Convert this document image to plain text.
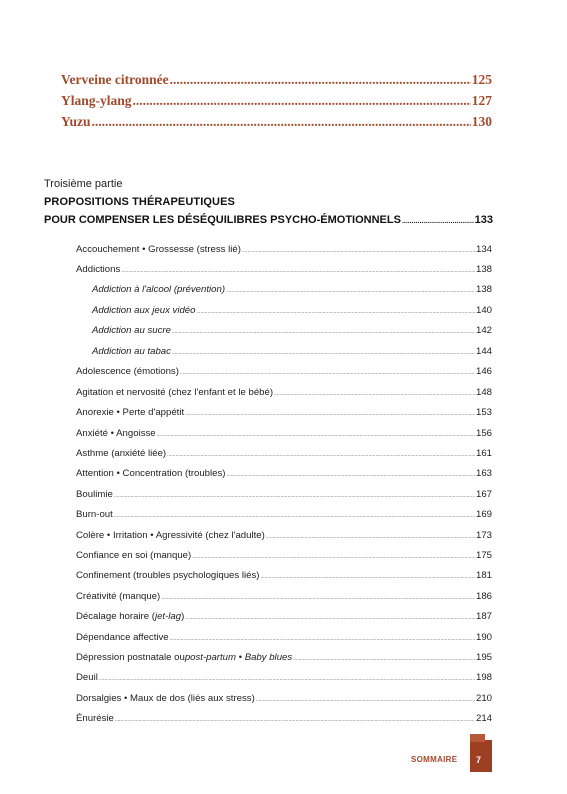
Verveine citronnée .....	125
Ylang-ylang .....	127
Yuzu .....	130
Troisième partie
PROPOSITIONS THÉRAPEUTIQUES
POUR COMPENSER LES DÉSÉQUILIBRES PSYCHO-ÉMOTIONNELS .....	133
Accouchement • Grossesse (stress lié) .....	134
Addictions .....	138
Addiction à l'alcool (prévention) .....	138
Addiction aux jeux vidéo .....	140
Addiction au sucre .....	142
Addiction au tabac .....	144
Adolescence (émotions) .....	146
Agitation et nervosité (chez l'enfant et le bébé) .....	148
Anorexie • Perte d'appétit .....	153
Anxiété • Angoisse .....	156
Asthme (anxiété liée) .....	161
Attention • Concentration (troubles) .....	163
Boulimie .....	167
Burn-out .....	169
Colère • Irritation • Agressivité (chez l'adulte) .....	173
Confiance en soi (manque) .....	175
Confinement (troubles psychologiques liés) .....	181
Créativité (manque) .....	186
Décalage horaire ( jet-lag ) .....	187
Dépendance affective .....	190
Dépression postnatale ou post-partum • Baby blues .....	195
Deuil .....	198
Dorsalgies • Maux de dos (liés aux stress) .....	210
Énurésie .....	214
SOMMAIRE 7
